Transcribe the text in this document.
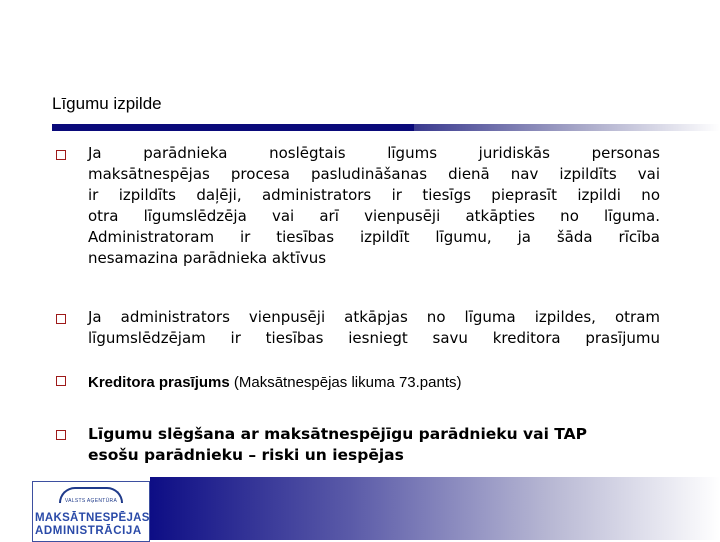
Līgumu izpilde
Ja parādnieka noslēgtais līgums juridiskās personas
maksātnespējas procesa pasludināšanas dienā nav izpildīts vai
ir izpildīts daļēji, administrators ir tiesīgs pieprasīt izpildi no
otra līgumslēdzēja vai arī vienpusēji atkāpties no līguma.
Administratoram ir tiesības izpildīt līgumu, ja šāda rīcība
nesamazina parādnieka aktīvus
Ja administrators vienpusēji atkāpjas no līguma izpildes, otram
līgumslēdzējam ir tiesības iesniegt savu kreditora prasījumu
Kreditora prasījums (Maksātnespējas likuma 73.pants)
Līgumu slēgšana ar maksātnespējīgu parādnieku vai TAP
esošu parādnieku – riski un iespējas
VALSTS AĢENTŪRA
MAKSĀTNESPĒJAS
ADMINISTRĀCIJA
